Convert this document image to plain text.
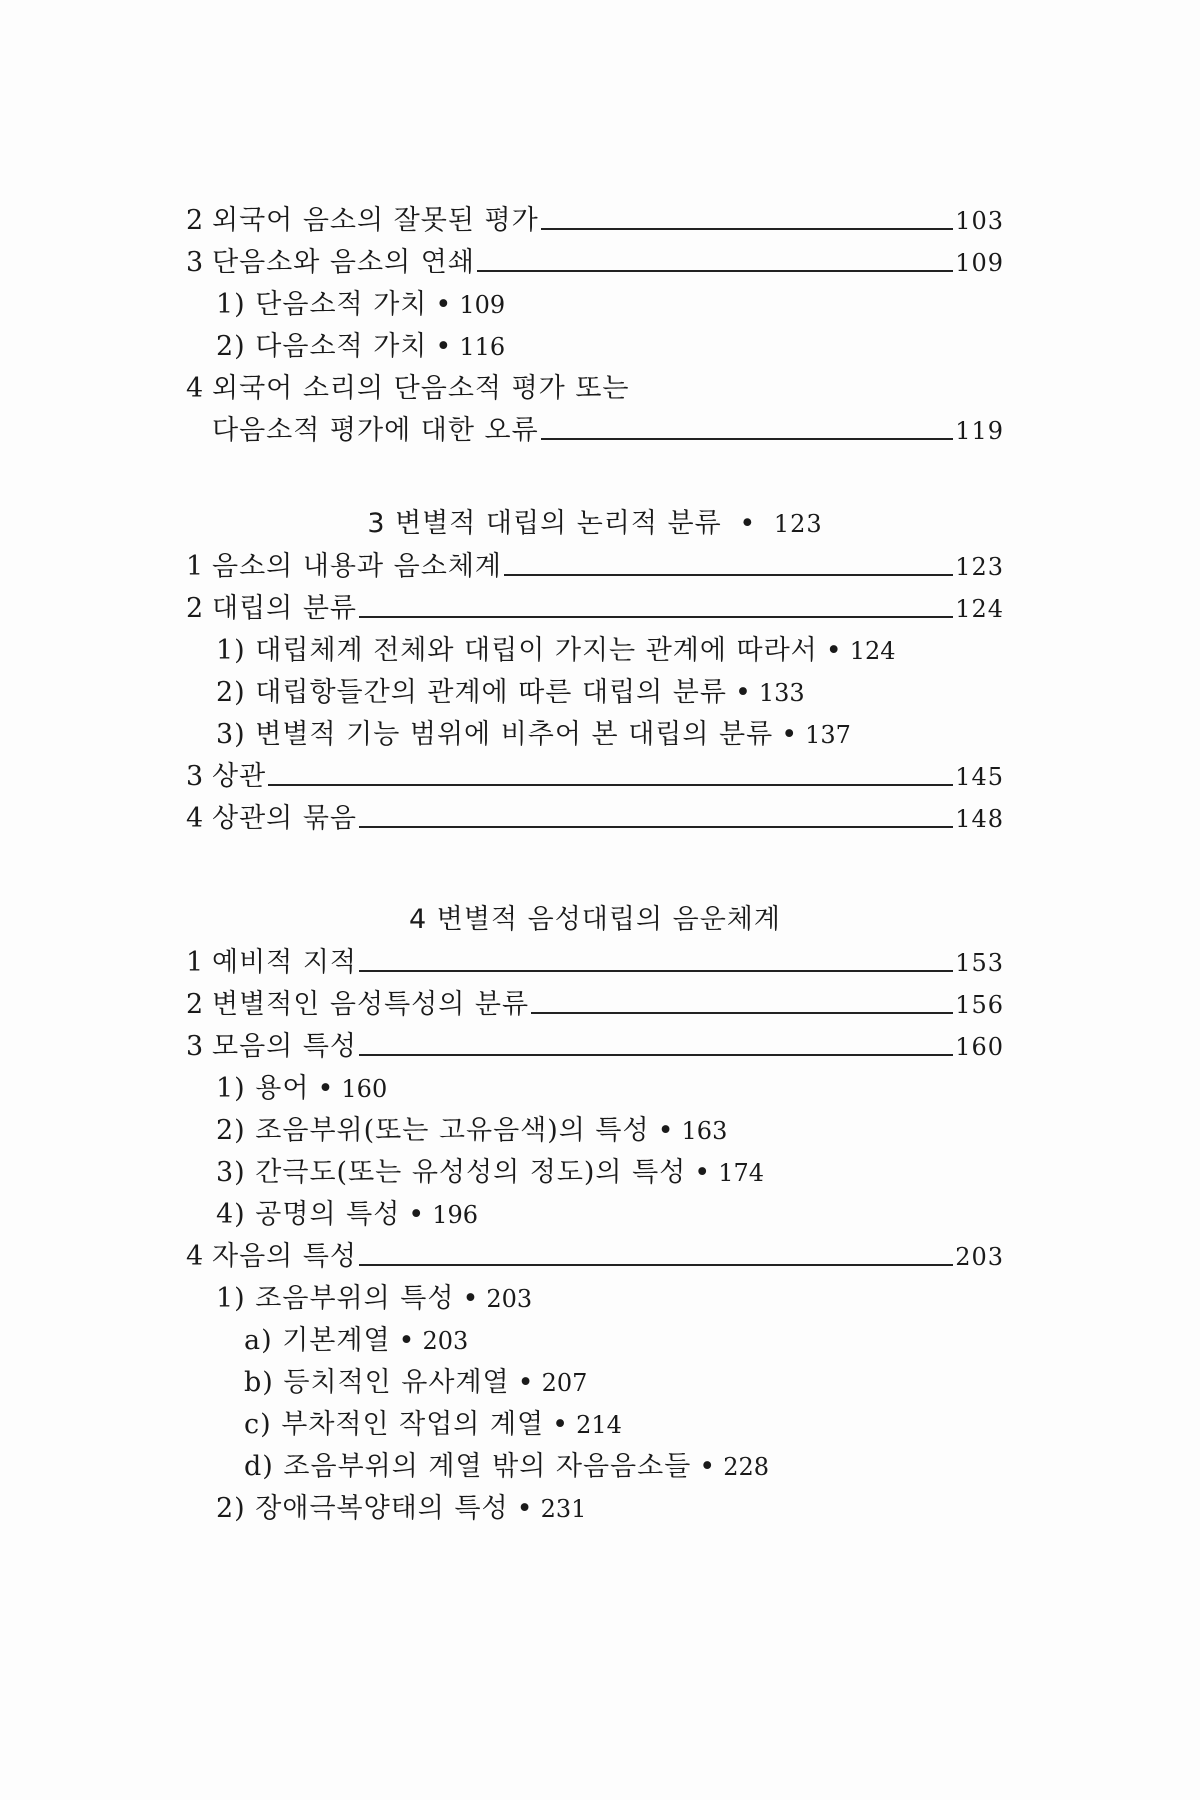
2 외국어 음소의 잘못된 평가	103
3 단음소와 음소의 연쇄	109
1) 단음소적 가치 • 109
2) 다음소적 가치 • 116
4 외국어 소리의 단음소적 평가 또는
다음소적 평가에 대한 오류	119
3 변별적 대립의 논리적 분류 • 123
1 음소의 내용과 음소체계	123
2 대립의 분류	124
1) 대립체계 전체와 대립이 가지는 관계에 따라서 • 124
2) 대립항들간의 관계에 따른 대립의 분류 • 133
3) 변별적 기능 범위에 비추어 본 대립의 분류 • 137
3 상관	145
4 상관의 묶음	148
4 변별적 음성대립의 음운체계
1 예비적 지적	153
2 변별적인 음성특성의 분류	156
3 모음의 특성	160
1) 용어 • 160
2) 조음부위(또는 고유음색)의 특성 • 163
3) 간극도(또는 유성성의 정도)의 특성 • 174
4) 공명의 특성 • 196
4 자음의 특성	203
1) 조음부위의 특성 • 203
a) 기본계열 • 203
b) 등치적인 유사계열 • 207
c) 부차적인 작업의 계열 • 214
d) 조음부위의 계열 밖의 자음음소들 • 228
2) 장애극복양태의 특성 • 231
